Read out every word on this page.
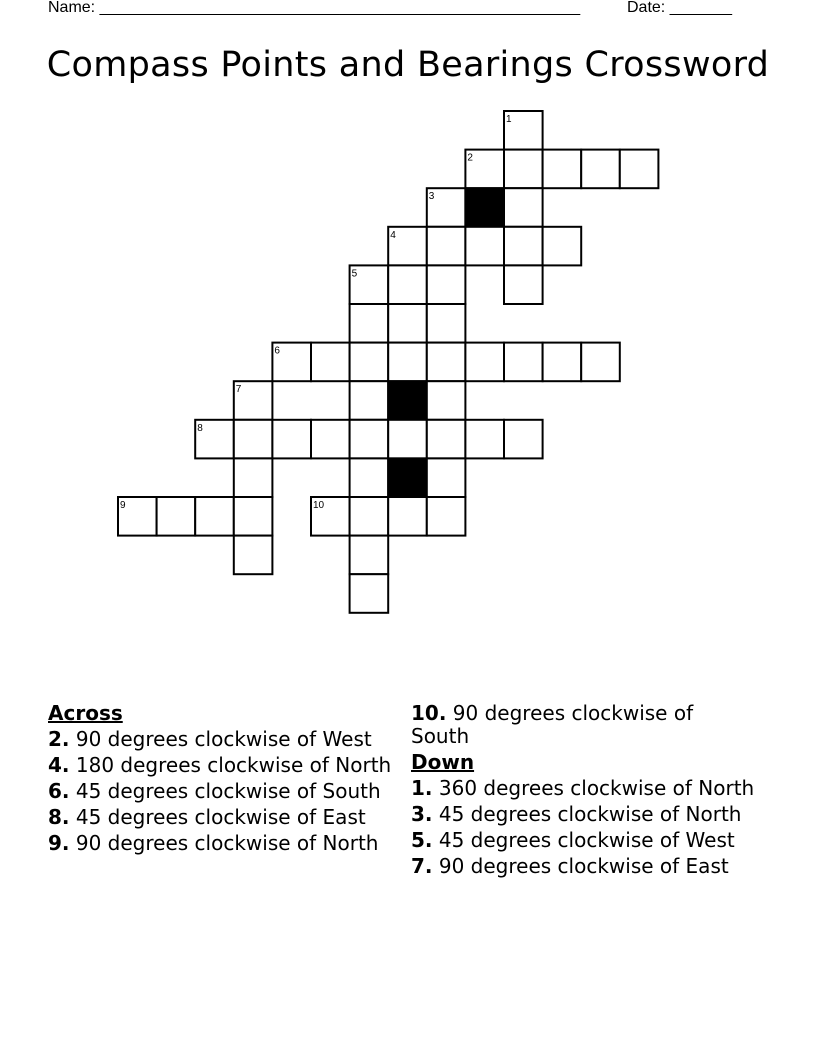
Name: ______________________________________________________	Date: _______
Compass Points and Bearings Crossword
1
2
3
4
5
6
7
8
9	10
Across
2. 90 degrees clockwise of West
4. 180 degrees clockwise of North
6. 45 degrees clockwise of South
8. 45 degrees clockwise of East
9. 90 degrees clockwise of North
10. 90 degrees clockwise of South
Down
1. 360 degrees clockwise of North
3. 45 degrees clockwise of North
5. 45 degrees clockwise of West
7. 90 degrees clockwise of East
